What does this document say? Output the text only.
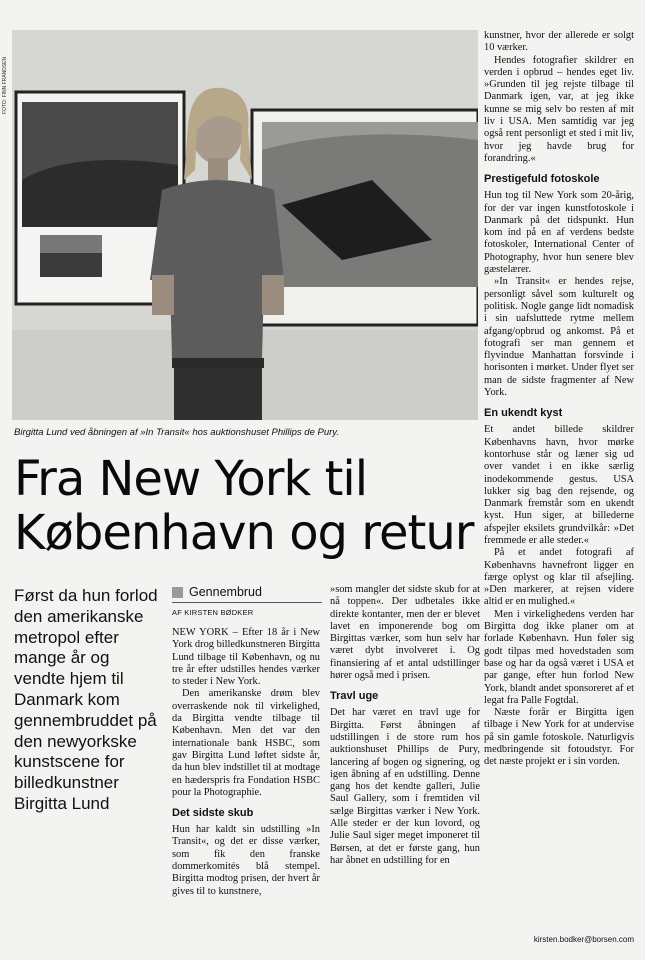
FOTO: FINN FRANDSEN
Birgitta Lund ved åbningen af »In Transit« hos auktionshuset Phillips de Pury.
Fra New York til
København og retur

Først da hun forlod den amerikanske metropol efter mange år og vendte hjem til Danmark kom gennembruddet på den newyorkske kunstscene for billedkunstner Birgitta Lund

Gennembrud
AF KIRSTEN BØDKER

NEW YORK – Efter 18 år i New York drog billedkunstneren Birgitta Lund tilbage til København, og nu tre år efter udstilles hendes værker to steder i New York.

Den amerikanske drøm blev overraskende nok til virkelighed, da Birgitta vendte tilbage til København. Men det var den internationale bank HSBC, som gav Birgitta Lund løftet sidste år, da hun blev indstillet til at modtage en hæderspris fra Fondation HSBC pour la Photographie.

Det sidste skub

Hun har kaldt sin udstilling »In Transit«, og det er disse værker, som fik den franske dommerkomités blå stempel. Birgitta modtog prisen, der hvert år gives til to kunstnere,

»som mangler det sidste skub for at nå toppen«. Der udbetales ikke direkte kontanter, men der er blevet lavet en imponerende bog om Birgittas værker, som hun selv har været dybt involveret i. Og finansiering af et antal udstillinger hører også med i prisen.

Travl uge

Det har været en travl uge for Birgitta. Først åbningen af udstillingen i de store rum hos auktionshuset Phillips de Pury, lancering af bogen og signering, og igen åbning af en udstilling. Denne gang hos det kendte galleri, Julie Saul Gallery, som i fremtiden vil sælge Birgittas værker i New York. Alle steder er der kun lovord, og Julie Saul siger meget imponeret til Børsen, at det er første gang, hun har åbnet en udstilling for en

kunstner, hvor der allerede er solgt 10 værker.

Hendes fotografier skildrer en verden i opbrud – hendes eget liv. »Grunden til jeg rejste tilbage til Danmark igen, var, at jeg ikke kunne se mig selv bo resten af mit liv i USA. Men samtidig var jeg også rent personligt et sted i mit liv, hvor jeg havde brug for forandring.«

Prestigefuld fotoskole

Hun tog til New York som 20-årig, for der var ingen kunstfotoskole i Danmark på det tidspunkt. Hun kom ind på en af verdens bedste fotoskoler, International Center of Photography, hvor hun senere blev gæstelærer.

»In Transit« er hendes rejse, personligt såvel som kulturelt og politisk. Nogle gange lidt nomadisk i sin uafsluttede rytme mellem afgang/opbrud og ankomst. På et fotografi ser man gennem et flyvindue Manhattan forsvinde i horisonten i mørket. Under flyet ser man de sidste fragmenter af New York.

En ukendt kyst

Et andet billede skildrer Københavns havn, hvor mørke kontorhuse står og læner sig ud over vandet i en ikke særlig inodekommende gestus. USA lukker sig bag den rejsende, og Danmark fremstår som en ukendt kyst. Hun siger, at billederne afspejler eksilets grundvilkår: »Det fremmede er alle steder.«

På et andet fotografi af Københavns havnefront ligger en færge oplyst og klar til afsejling. »Den markerer, at rejsen videre altid er en mulighed.«

Men i virkelighedens verden har Birgitta dog ikke planer om at forlade København. Hun føler sig godt tilpas med hovedstaden som base og har da også været i USA et par gange, efter hun forlod New York, blandt andet sponsoreret af et legat fra Palle Fogtdal.

Næste forår er Birgitta igen tilbage i New York for at undervise på sin gamle fotoskole. Naturligvis medbringende sit fotoudstyr. For det næste projekt er i sin vorden.

kirsten.bodker@borsen.com
